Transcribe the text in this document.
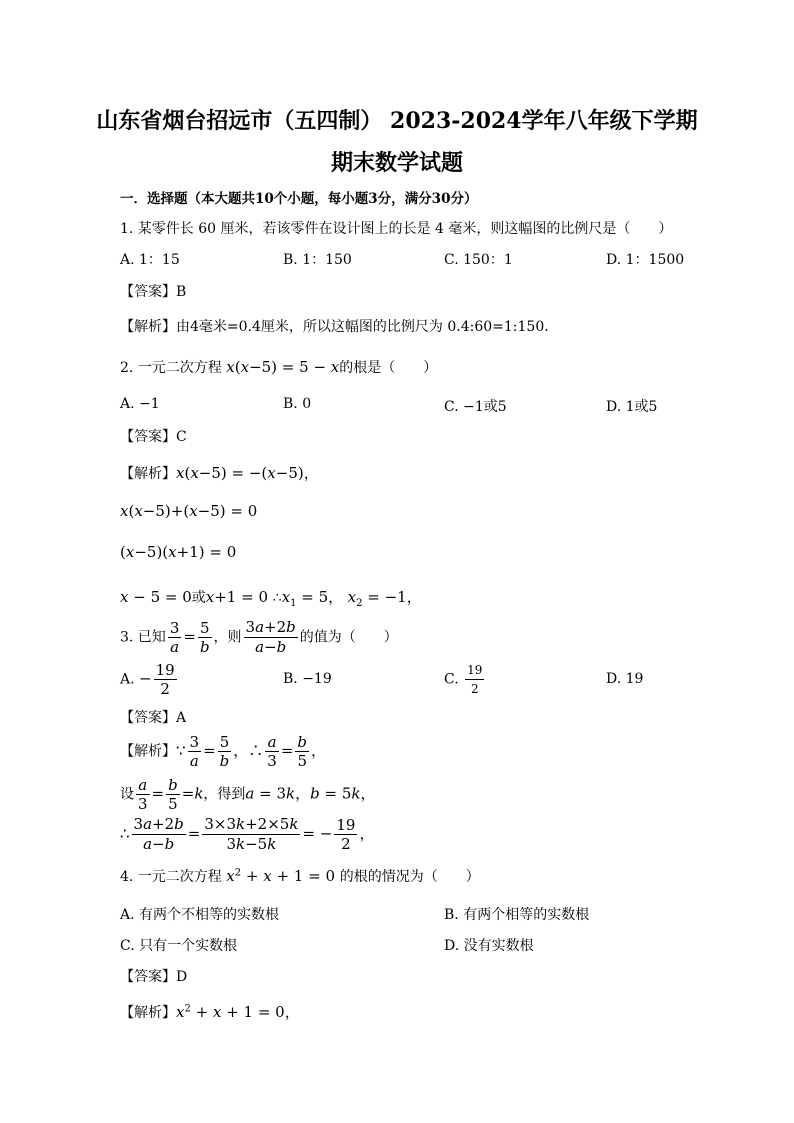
山东省烟台招远市（五四制） 2023-2024学年八年级下学期
期末数学试题
一．选择题（本大题共10个小题，每小题3分，满分30分）
1. 某零件长 60 厘米，若该零件在设计图上的长是 4 毫米，则这幅图的比例尺是（　　）
A. 1：15	B. 1：150	C. 150：1	D. 1：1500
【答案】B
【解析】由4毫米=0.4厘米，所以这幅图的比例尺为 0.4:60=1:150．
2. 一元二次方程 x(x−5) = 5 − x的根是（　　）
A. −1	B. 0	C. −1或5	D. 1或5
【答案】C
【解析】x(x−5) = −(x−5)，
x(x−5)+(x−5) = 0
(x−5)(x+1) = 0
x − 5 = 0或x+1 = 0 $\therefore x_1 = 5$， $x_2 = -1$，
3. 已知 $\frac{3}{a} = \frac{5}{b}$ ，则 $\frac{3a+2b}{a-b}$ 的值为（　　）
A. − $\frac{19}{2}$	B. −19	C. $\frac{19}{2}$	D. 19
【答案】A
【解析】∵ $\frac{3}{a} = \frac{5}{b}$ ，∴ $\frac{a}{3} = \frac{b}{5}$ ，
设 $\frac{a}{3} = \frac{b}{5} =k$，得到a = 3k，b = 5k，
∴ $\frac{3a+2b}{a-b} = \frac{3\times 3k+2\times 5k}{3k-5k}$ = − $\frac{19}{2}$ ，
4. 一元二次方程 $x^2 + x + 1 = 0$ 的根的情况为（　　）
A. 有两个不相等的实数根	B. 有两个相等的实数根
C. 只有一个实数根	D. 没有实数根
【答案】D
【解析】$x^2 + x + 1 = 0$，
